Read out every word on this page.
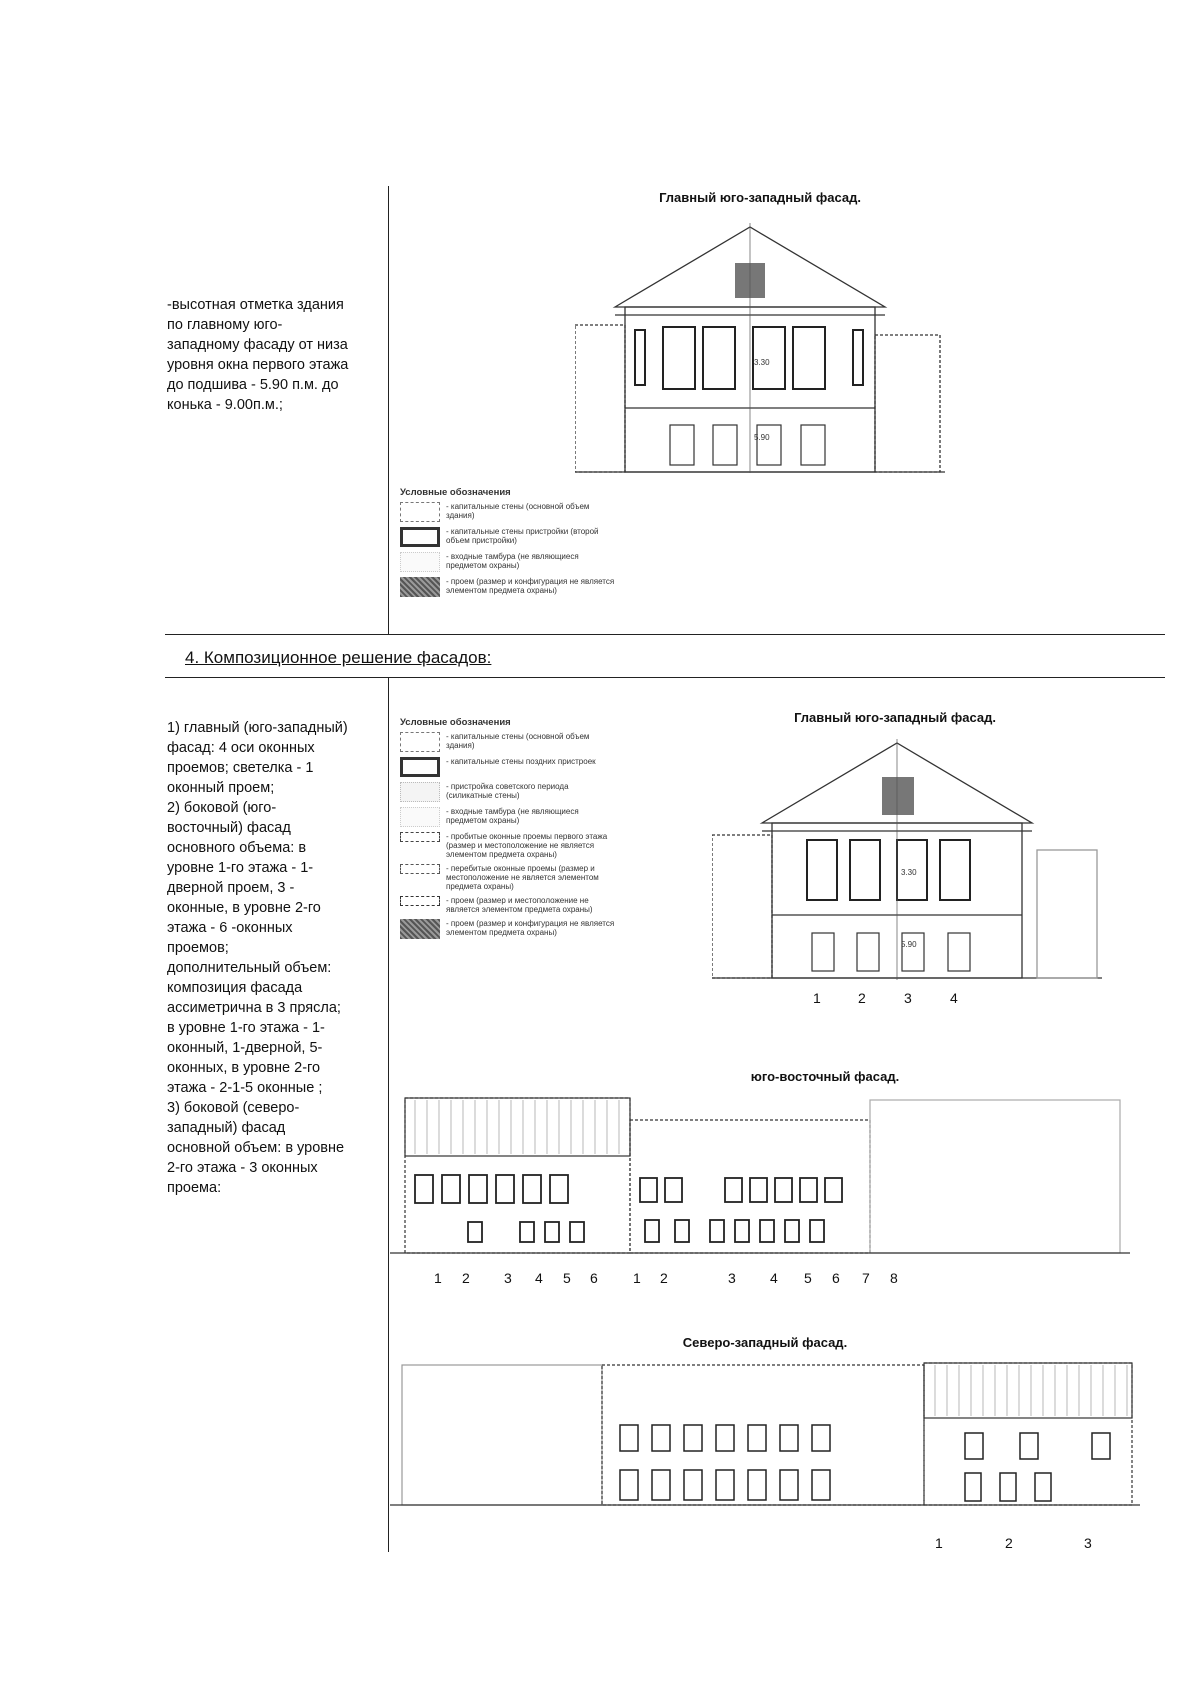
-высотная отметка здания
по главному юго-
западному фасаду от низа
уровня окна первого этажа
до подшива - 5.90 п.м. до
конька - 9.00п.м.;
Главный юго-западный фасад.
3.30
5.90
Условные обозначения
- капитальные стены (основной объем здания)
- капитальные стены пристройки (второй объем пристройки)
- входные тамбура (не являющиеся предметом охраны)
- проем (размер и конфигурация не является элементом предмета охраны)
4. Композиционное решение фасадов:
1) главный (юго-западный)
фасад: 4 оси оконных
проемов; светелка - 1
оконный проем;
2) боковой (юго-
восточный) фасад
основного объема: в
уровне 1-го этажа - 1-
дверной проем, 3 -
оконные, в уровне 2-го
этажа - 6 -оконных
проемов;
дополнительный объем:
композиция фасада
ассиметрична в 3 прясла;
в уровне 1-го этажа - 1-
оконный, 1-дверной, 5-
оконных, в уровне 2-го
этажа - 2-1-5 оконные ;
3) боковой (северо-
западный) фасад
основной объем: в уровне
2-го этажа - 3 оконных
проема:
Условные обозначения
- капитальные стены (основной объем здания)
- капитальные стены поздних пристроек
- пристройка советского периода (силикатные стены)
- входные тамбура (не являющиеся предметом охраны)
- пробитые оконные проемы первого этажа (размер и местоположение не является элементом предмета охраны)
- перебитые оконные проемы (размер и местоположение не является элементом предмета охраны)
- проем (размер и местоположение не является элементом предмета охраны)
- проем (размер и конфигурация не является элементом предмета охраны)
Главный юго-западный фасад.
3.30
5.90
1	2	3	4
юго-восточный фасад.
1 2 3 4 5 6	1 2	3 4 5 6 7 8
Северо-западный фасад.
1	2	3
